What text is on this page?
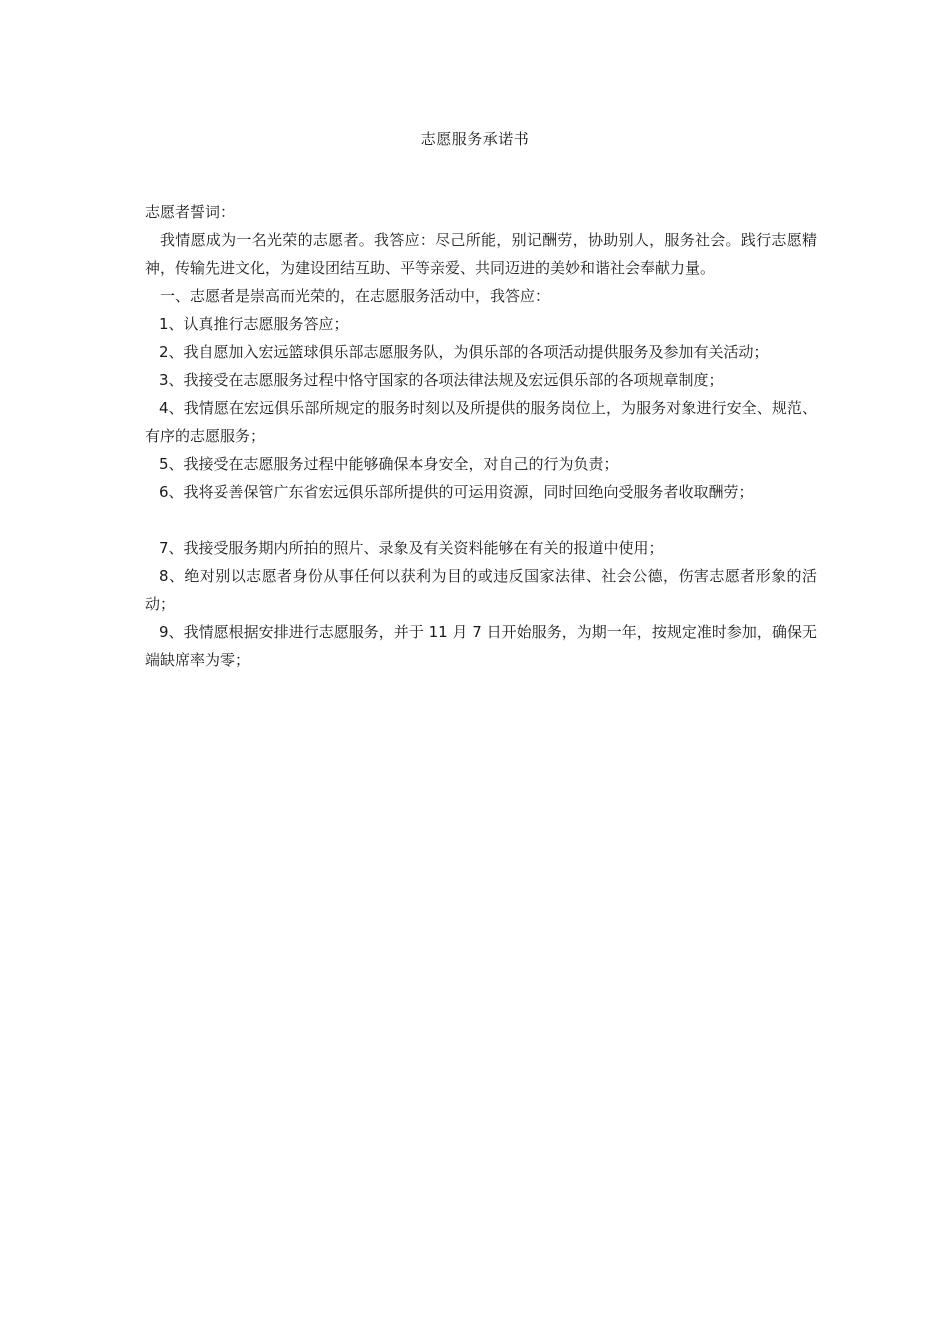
志愿服务承诺书

志愿者誓词：

我情愿成为一名光荣的志愿者。我答应：尽己所能，别记酬劳，协助别人，服务社会。践行志愿精神，传输先进文化，为建设团结互助、平等亲爱、共同迈进的美妙和谐社会奉献力量。

一、志愿者是崇高而光荣的，在志愿服务活动中，我答应：

1、认真推行志愿服务答应；

2、我自愿加入宏远篮球俱乐部志愿服务队，为俱乐部的各项活动提供服务及参加有关活动；

3、我接受在志愿服务过程中恪守国家的各项法律法规及宏远俱乐部的各项规章制度；

4、我情愿在宏远俱乐部所规定的服务时刻以及所提供的服务岗位上，为服务对象进行安全、规范、有序的志愿服务；

5、我接受在志愿服务过程中能够确保本身安全，对自己的行为负责；

6、我将妥善保管广东省宏远俱乐部所提供的可运用资源，同时回绝向受服务者收取酬劳；

7、我接受服务期内所拍的照片、录象及有关资料能够在有关的报道中使用；

8、绝对别以志愿者身份从事任何以获利为目的或违反国家法律、社会公德，伤害志愿者形象的活动；

9、我情愿根据安排进行志愿服务，并于 11 月 7 日开始服务，为期一年，按规定准时参加，确保无端缺席率为零；
